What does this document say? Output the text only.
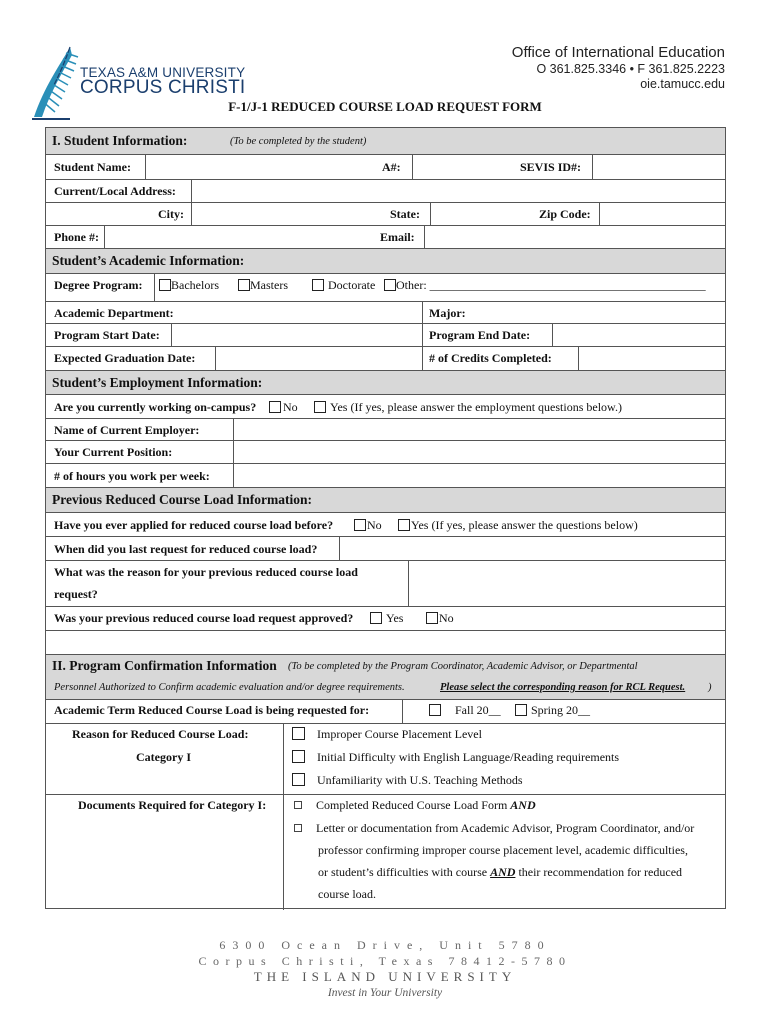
TEXAS A&M UNIVERSITY
CORPUS CHRISTI
Office of International Education
O 361.825.3346 • F 361.825.2223
oie.tamucc.edu
F-1/J-1 REDUCED COURSE LOAD REQUEST FORM
I. Student Information:	(To be completed by the student)
Student Name:	A#:	SEVIS ID#:
Current/Local Address:
City:	State:	Zip Code:
Phone #:	Email:
Student’s Academic Information:
Degree Program:	Bachelors	Masters	Doctorate	Other: ______________________________________________
Academic Department:	Major:
Program Start Date:	Program End Date:
Expected Graduation Date:	# of Credits Completed:
Student’s Employment Information:
Are you currently working on-campus?	No	Yes (If yes, please answer the employment questions below.)
Name of Current Employer:
Your Current Position:
# of hours you work per week:
Previous Reduced Course Load Information:
Have you ever applied for reduced course load before?	No	Yes (If yes, please answer the questions below)
When did you last request for reduced course load?
What was the reason for your previous reduced course load
request?
Was your previous reduced course load request approved?	Yes	No
II. Program Confirmation Information (To be completed by the Program Coordinator, Academic Advisor, or Departmental
Personnel Authorized to Confirm academic evaluation and/or degree requirements.	Please select the corresponding reason for RCL Request. )
Academic Term Reduced Course Load is being requested for:	Fall 20__	Spring 20__
Reason for Reduced Course Load:
Category I
Improper Course Placement Level
Initial Difficulty with English Language/Reading requirements
Unfamiliarity with U.S. Teaching Methods
Documents Required for Category I:	Completed Reduced Course Load Form AND
Letter or documentation from Academic Advisor, Program Coordinator, and/or
professor confirming improper course placement level, academic difficulties,
or student’s difficulties with course AND their recommendation for reduced
course load.
6300 Ocean Drive, Unit 5780
Corpus Christi, Texas 78412-5780
THE ISLAND UNIVERSITY
Invest in Your University
